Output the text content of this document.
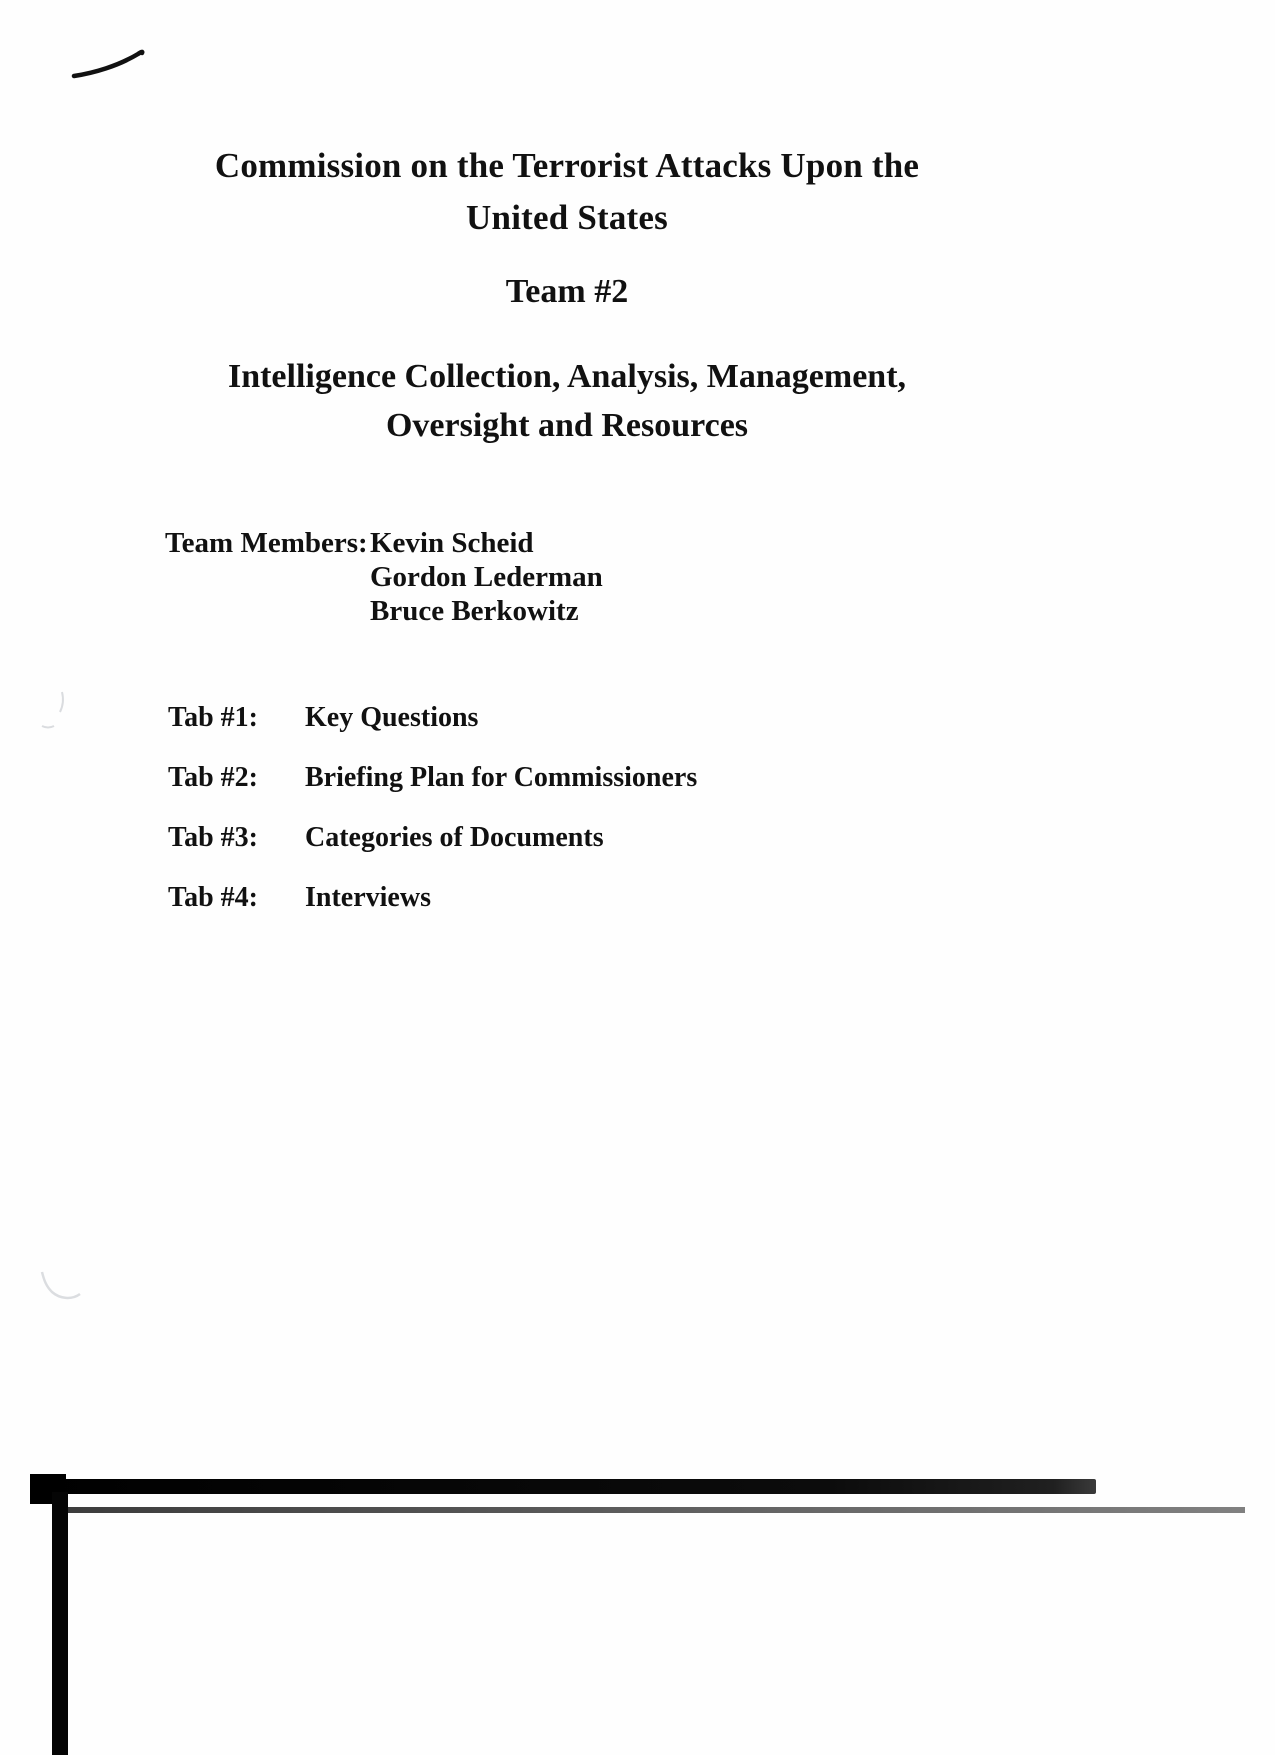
Commission on the Terrorist Attacks Upon the
United States
Team #2
Intelligence Collection, Analysis, Management,
Oversight and Resources
Team Members: Kevin Scheid
Gordon Lederman
Bruce Berkowitz
Tab #1: Key Questions
Tab #2: Briefing Plan for Commissioners
Tab #3: Categories of Documents
Tab #4: Interviews
